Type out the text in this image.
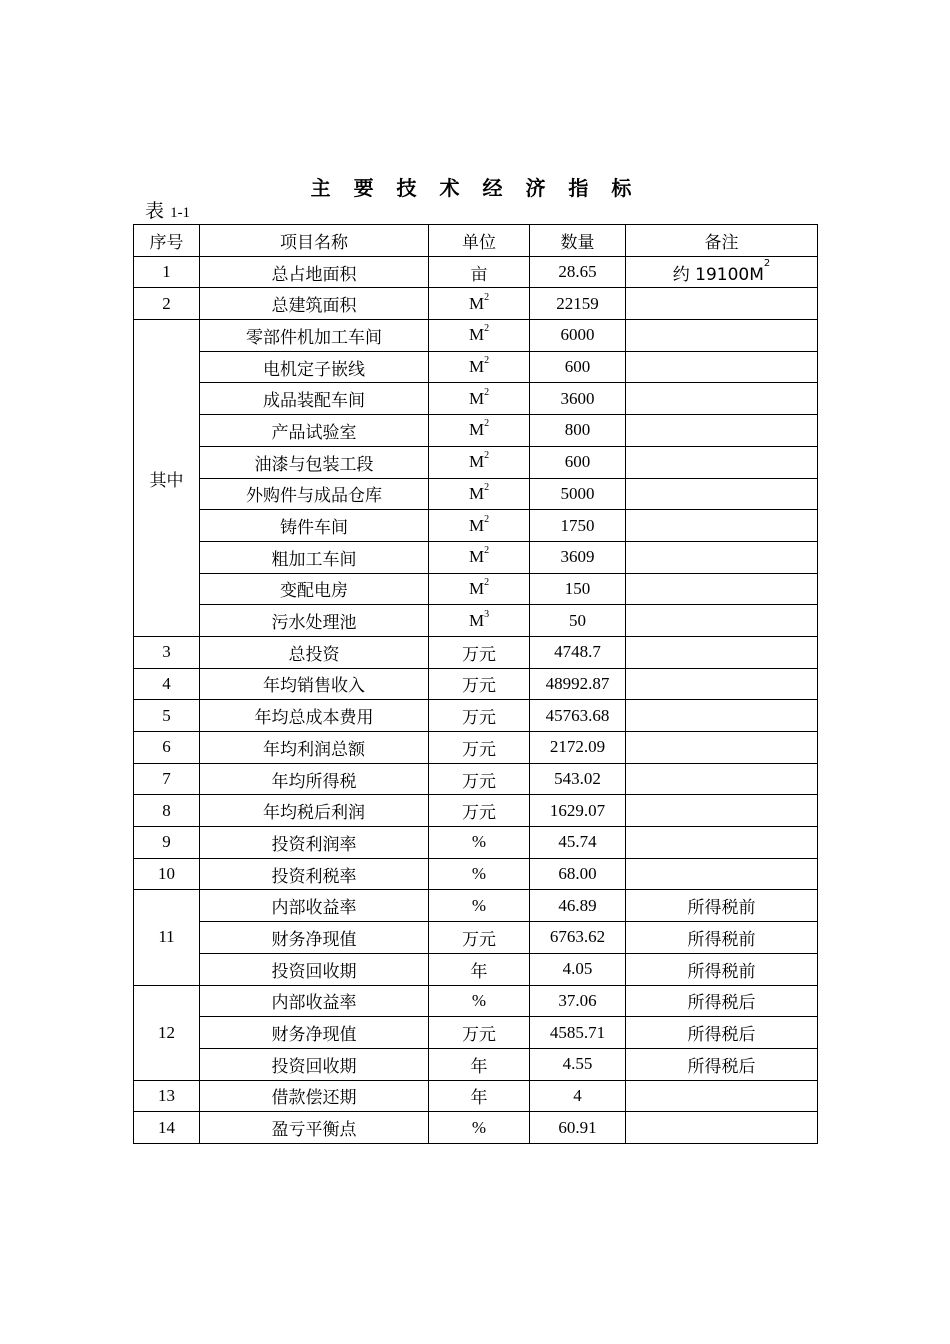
主 要 技 术 经 济 指 标
表 1-1
序号	项目名称	单位	数量	备注
1	总占地面积	亩	28.65	约 $19100M^2$
2	总建筑面积	$M^2$	22159	
其中	零部件机加工车间	$M^2$	6000	
	电机定子嵌线	$M^2$	600	
	成品装配车间	$M^2$	3600	
	产品试验室	$M^2$	800	
	油漆与包装工段	$M^2$	600	
	外购件与成品仓库	$M^2$	5000	
	铸件车间	$M^2$	1750	
	粗加工车间	$M^2$	3609	
	变配电房	$M^2$	150	
	污水处理池	$M^3$	50	
3	总投资	万元	4748.7	
4	年均销售收入	万元	48992.87	
5	年均总成本费用	万元	45763.68	
6	年均利润总额	万元	2172.09	
7	年均所得税	万元	543.02	
8	年均税后利润	万元	1629.07	
9	投资利润率	%	45.74	
10	投资利税率	%	68.00	
11	内部收益率	%	46.89	所得税前
	财务净现值	万元	6763.62	所得税前
	投资回收期	年	4.05	所得税前
12	内部收益率	%	37.06	所得税后
	财务净现值	万元	4585.71	所得税后
	投资回收期	年	4.55	所得税后
13	借款偿还期	年	4	
14	盈亏平衡点	%	60.91	
